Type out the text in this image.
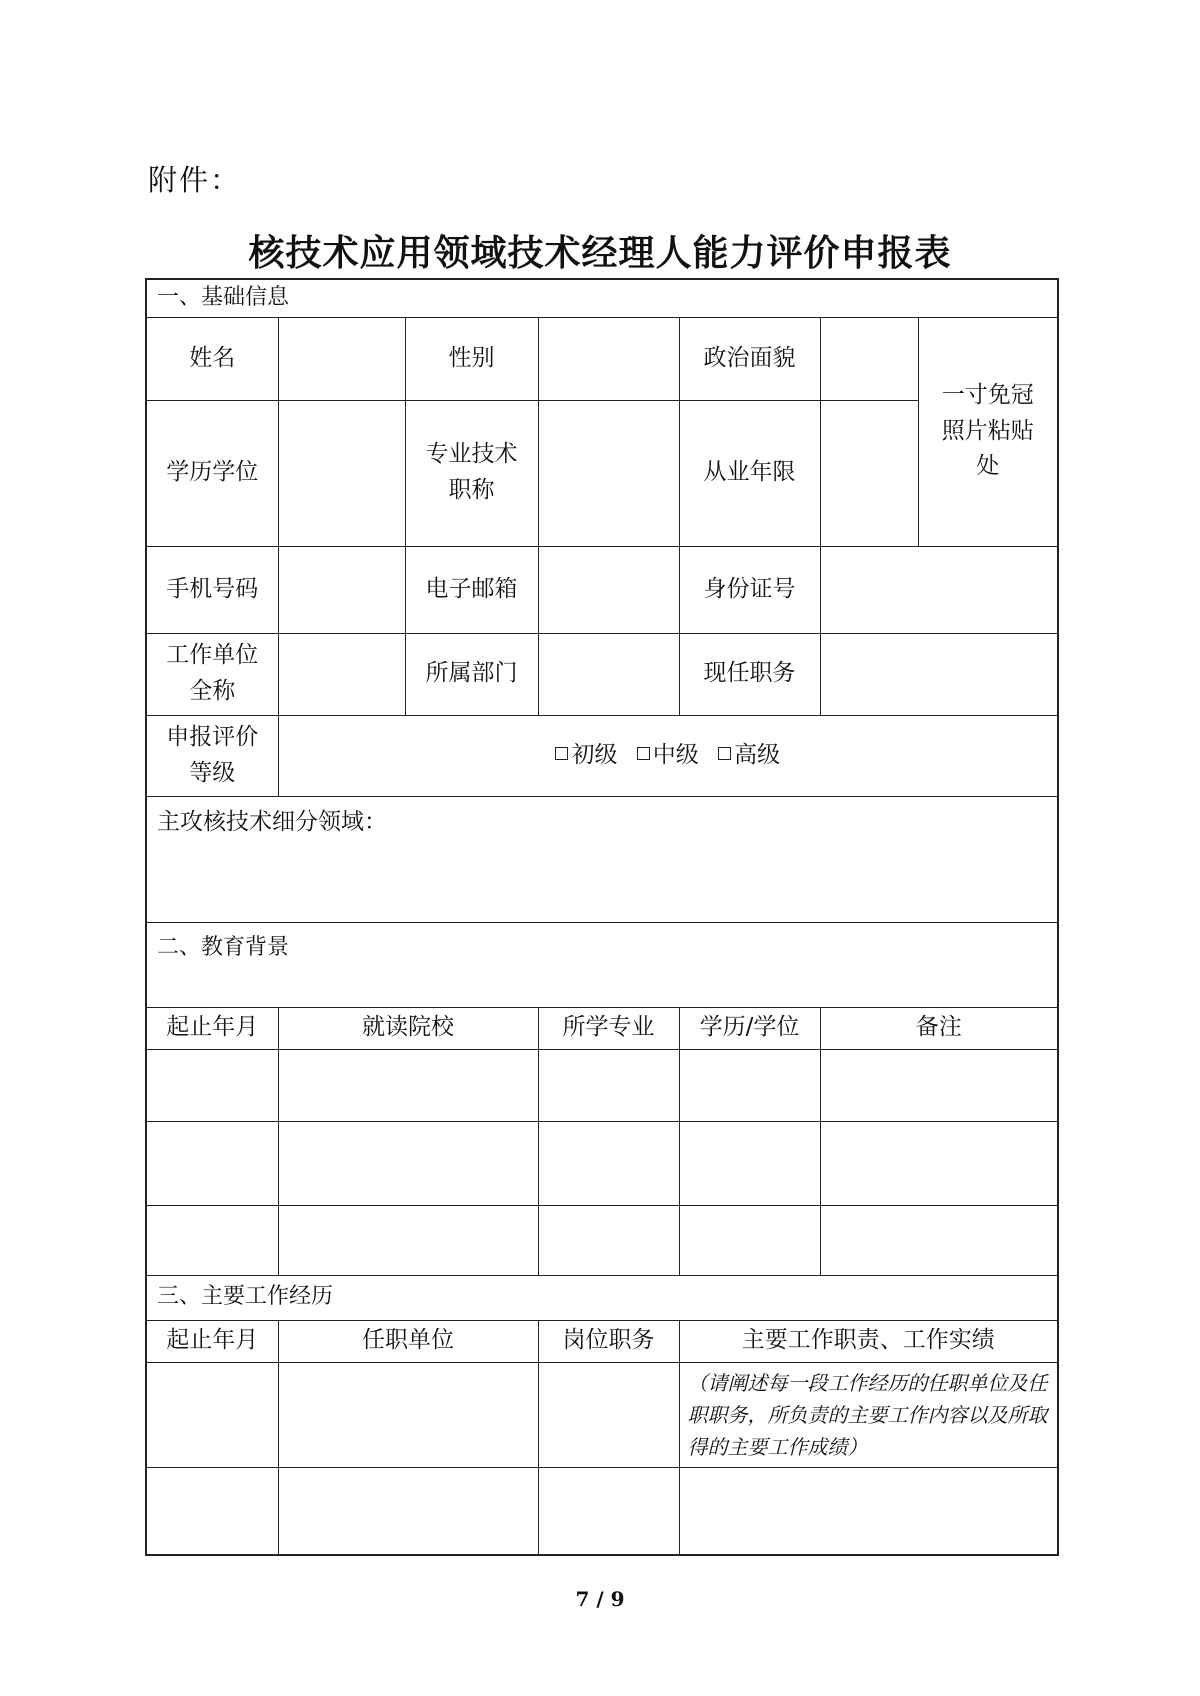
附件：
核技术应用领域技术经理人能力评价申报表
一、基础信息						
姓名		性别		政治面貌		一寸免冠照片粘贴处
学历学位		专业技术职称		从业年限		
手机号码		电子邮箱		身份证号		
工作单位全称		所属部门		现任职务		
申报评价等级	初级 中级 高级					
主攻核技术细分领域：						
二、教育背景						
起止年月	就读院校		所学专业	学历/学位	备注	

三、主要工作经历						
起止年月	任职单位		岗位职务	主要工作职责、工作实绩		
				（请阐述每一段工作经历的任职单位及任职职务，所负责的主要工作内容以及所取得的主要工作成绩）		

7 / 9
